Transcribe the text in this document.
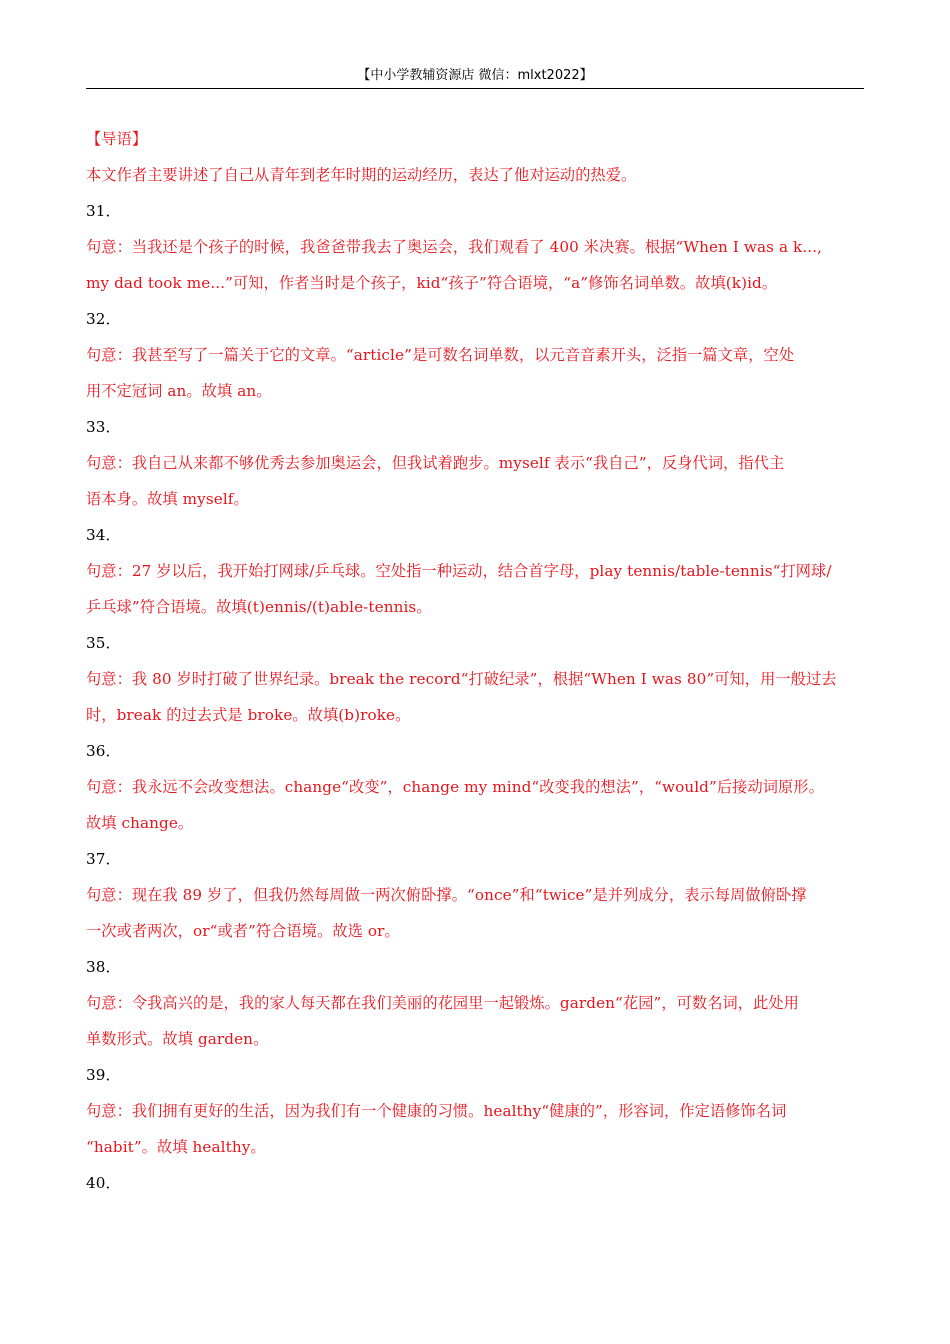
【中小学教辅资源店 微信：mlxt2022】
【导语】
本文作者主要讲述了自己从青年到老年时期的运动经历，表达了他对运动的热爱。
31．
句意：当我还是个孩子的时候，我爸爸带我去了奥运会，我们观看了 400 米决赛。根据“When I was a k...,
my dad took me...”可知，作者当时是个孩子，kid“孩子”符合语境，“a”修饰名词单数。故填(k)id。
32．
句意：我甚至写了一篇关于它的文章。“article”是可数名词单数，以元音音素开头，泛指一篇文章，空处
用不定冠词 an。故填 an。
33．
句意：我自己从来都不够优秀去参加奥运会，但我试着跑步。myself 表示“我自己”，反身代词，指代主
语本身。故填 myself。
34．
句意：27 岁以后，我开始打网球/乒乓球。空处指一种运动，结合首字母，play tennis/table-tennis“打网球/
乒乓球”符合语境。故填(t)ennis/(t)able-tennis。
35．
句意：我 80 岁时打破了世界纪录。break the record“打破纪录”，根据“When I was 80”可知，用一般过去
时，break 的过去式是 broke。故填(b)roke。
36．
句意：我永远不会改变想法。change“改变”，change my mind“改变我的想法”，“would”后接动词原形。
故填 change。
37．
句意：现在我 89 岁了，但我仍然每周做一两次俯卧撑。“once”和“twice”是并列成分，表示每周做俯卧撑
一次或者两次，or“或者”符合语境。故选 or。
38．
句意：令我高兴的是，我的家人每天都在我们美丽的花园里一起锻炼。garden“花园”，可数名词，此处用
单数形式。故填 garden。
39．
句意：我们拥有更好的生活，因为我们有一个健康的习惯。healthy“健康的”，形容词，作定语修饰名词
“habit”。故填 healthy。
40．
